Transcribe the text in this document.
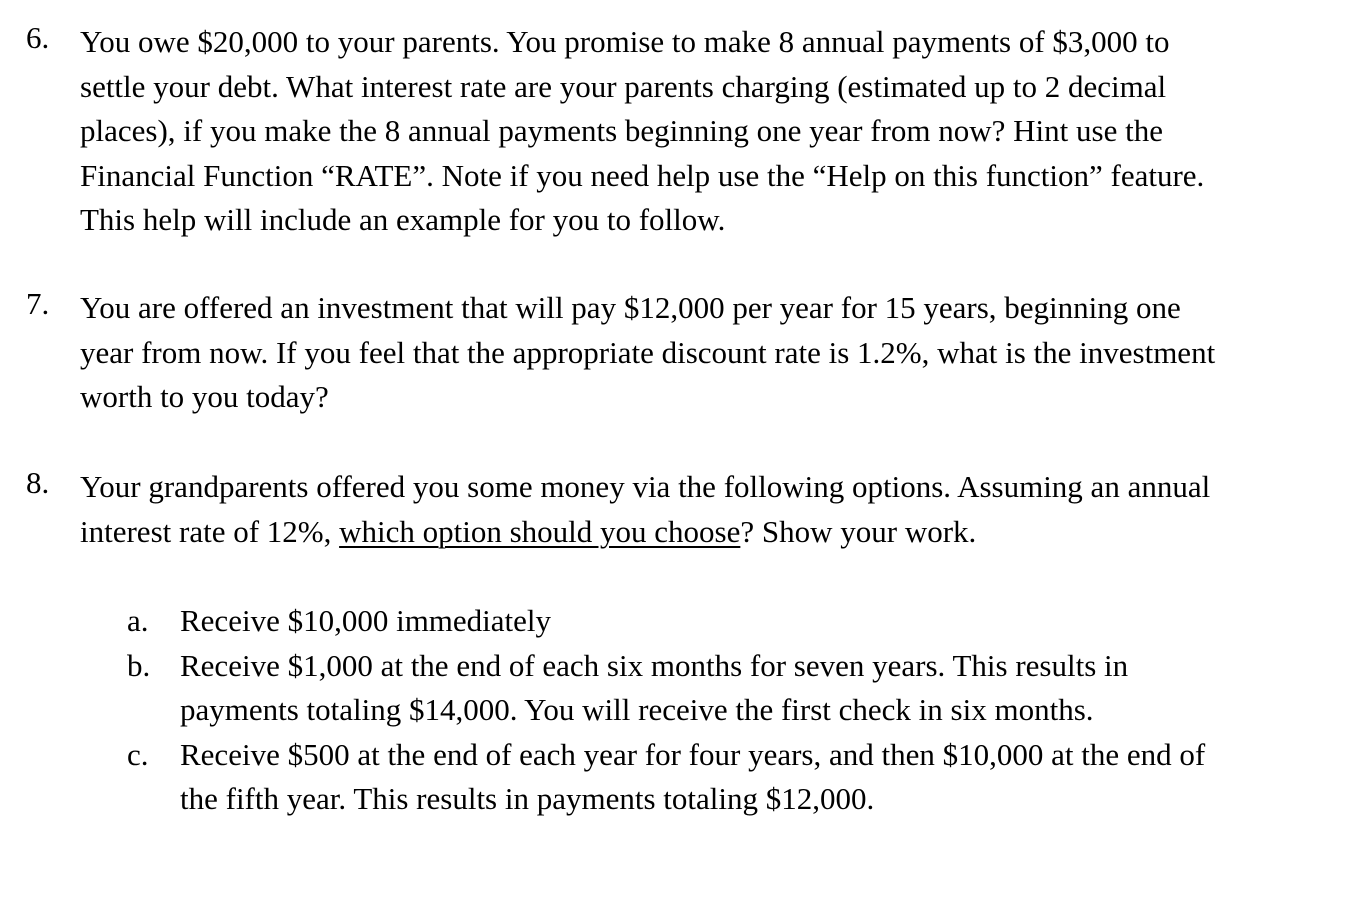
6. You owe $20,000 to your parents. You promise to make 8 annual payments of $3,000 to
settle your debt. What interest rate are your parents charging (estimated up to 2 decimal
places), if you make the 8 annual payments beginning one year from now? Hint use the
Financial Function “RATE”. Note if you need help use the “Help on this function” feature.
This help will include an example for you to follow.
7. You are offered an investment that will pay $12,000 per year for 15 years, beginning one
year from now. If you feel that the appropriate discount rate is 1.2%, what is the investment
worth to you today?
8. Your grandparents offered you some money via the following options. Assuming an annual
interest rate of 12%, which option should you choose? Show your work.
a.	Receive $10,000 immediately
b. Receive $1,000 at the end of each six months for seven years. This results in
payments totaling $14,000. You will receive the first check in six months.
c.	Receive $500 at the end of each year for four years, and then $10,000 at the end of
the fifth year. This results in payments totaling $12,000.
